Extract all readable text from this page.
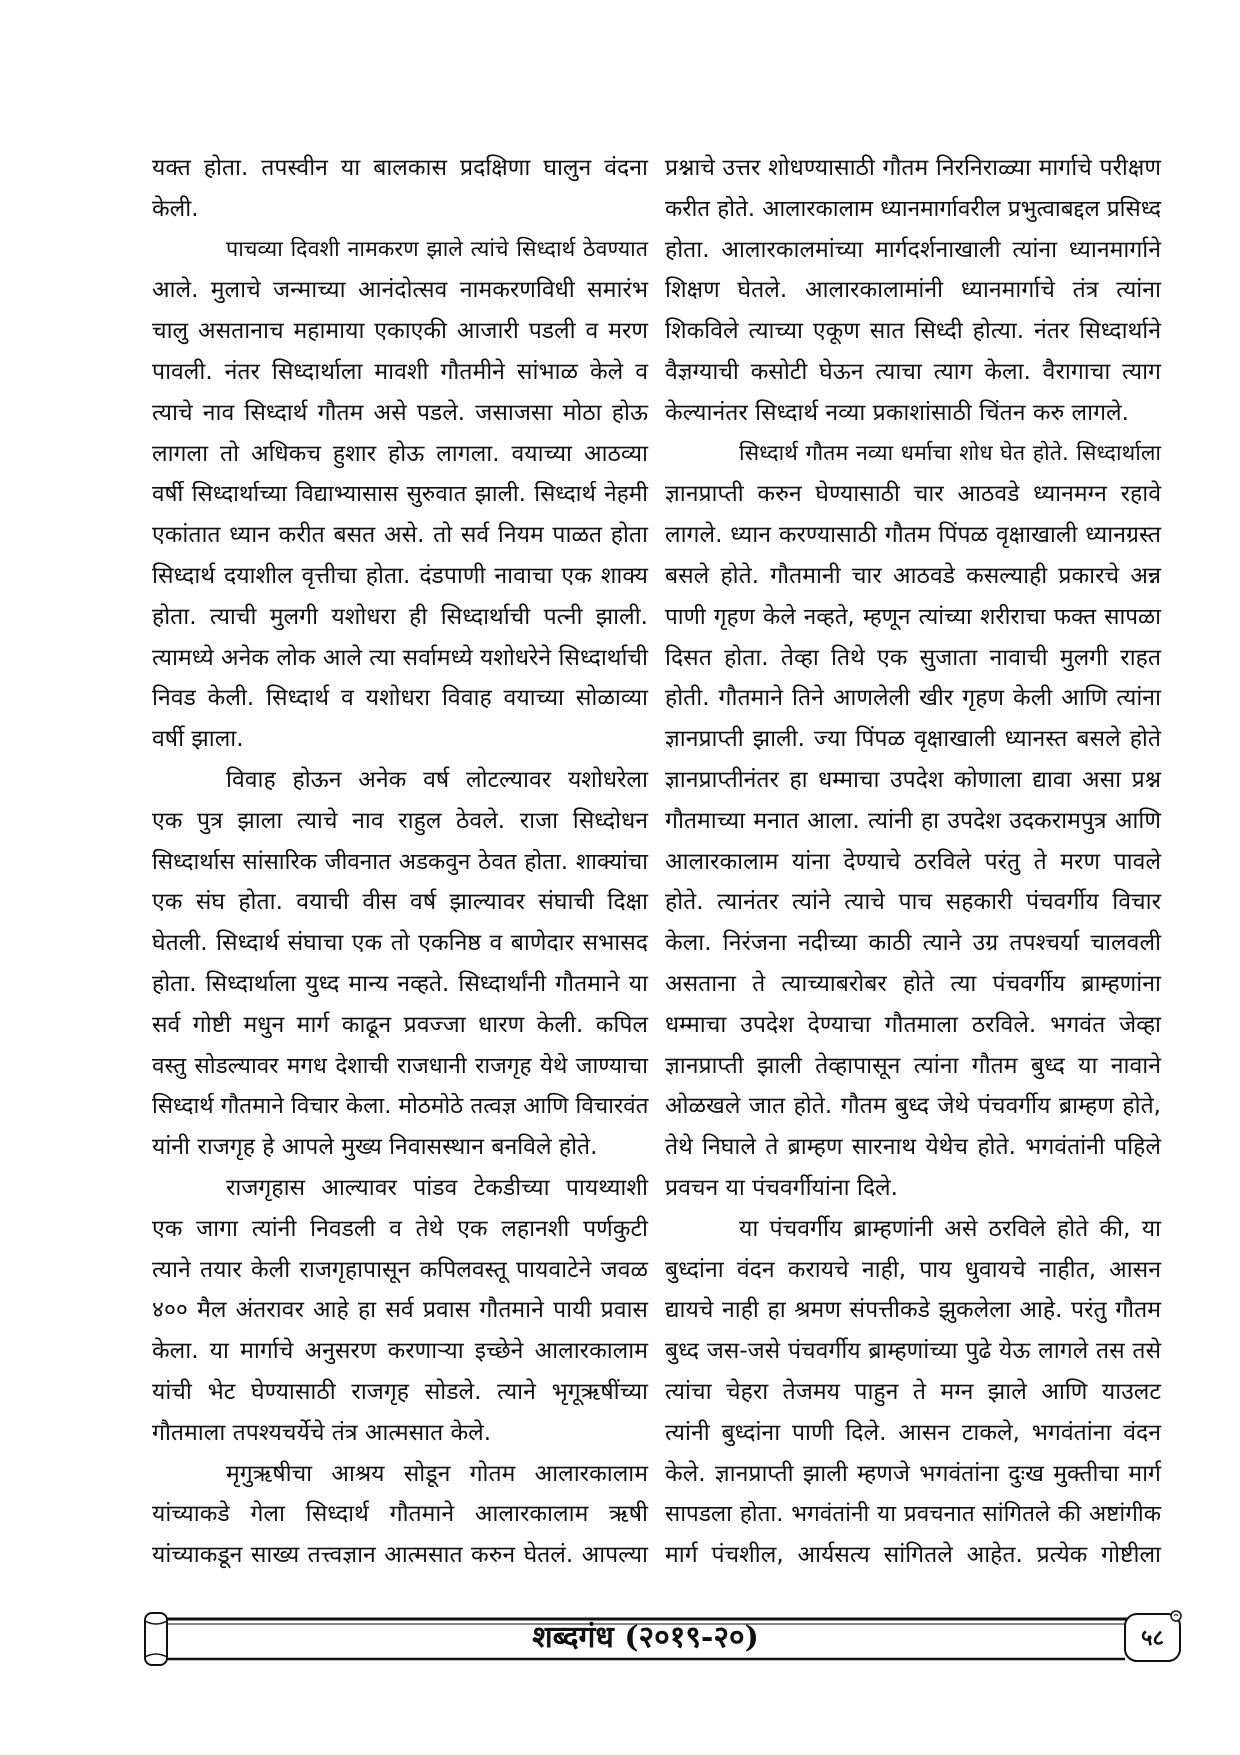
यक्त होता. तपस्वीन या बालकास प्रदक्षिणा घालुन वंदना
केली.
पाचव्या दिवशी नामकरण झाले त्यांचे सिध्दार्थ ठेवण्यात
आले. मुलाचे जन्माच्या आनंदोत्सव नामकरणविधी समारंभ
चालु असतानाच महामाया एकाएकी आजारी पडली व मरण
पावली. नंतर सिध्दार्थाला मावशी गौतमीने सांभाळ केले व
त्याचे नाव सिध्दार्थ गौतम असे पडले. जसाजसा मोठा होऊ
लागला तो अधिकच हुशार होऊ लागला. वयाच्या आठव्या
वर्षी सिध्दार्थाच्या विद्याभ्यासास सुरुवात झाली. सिध्दार्थ नेहमी
एकांतात ध्यान करीत बसत असे. तो सर्व नियम पाळत होता
सिध्दार्थ दयाशील वृत्तीचा होता. दंडपाणी नावाचा एक शाक्य
होता. त्याची मुलगी यशोधरा ही सिध्दार्थाची पत्नी झाली.
त्यामध्ये अनेक लोक आले त्या सर्वामध्ये यशोधरेने सिध्दार्थाची
निवड केली. सिध्दार्थ व यशोधरा विवाह वयाच्या सोळाव्या
वर्षी झाला.
विवाह होऊन अनेक वर्ष लोटल्यावर यशोधरेला
एक पुत्र झाला त्याचे नाव राहुल ठेवले. राजा सिध्दोधन
सिध्दार्थास सांसारिक जीवनात अडकवुन ठेवत होता. शाक्यांचा
एक संघ होता. वयाची वीस वर्ष झाल्यावर संघाची दिक्षा
घेतली. सिध्दार्थ संघाचा एक तो एकनिष्ठ व बाणेदार सभासद
होता. सिध्दार्थाला युध्द मान्य नव्हते. सिध्दार्थांनी गौतमाने या
सर्व गोष्टी मधुन मार्ग काढून प्रवज्जा धारण केली. कपिल
वस्तु सोडल्यावर मगध देशाची राजधानी राजगृह येथे जाण्याचा
सिध्दार्थ गौतमाने विचार केला. मोठमोठे तत्वज्ञ आणि विचारवंत
यांनी राजगृह हे आपले मुख्य निवासस्थान बनविले होते.
राजगृहास आल्यावर पांडव टेकडीच्या पायथ्याशी
एक जागा त्यांनी निवडली व तेथे एक लहानशी पर्णकुटी
त्याने तयार केली राजगृहापासून कपिलवस्तू पायवाटेने जवळ
४०० मैल अंतरावर आहे हा सर्व प्रवास गौतमाने पायी प्रवास
केला. या मार्गाचे अनुसरण करणाऱ्या इच्छेने आलारकालाम
यांची भेट घेण्यासाठी राजगृह सोडले. त्याने भृगूऋषींच्या
गौतमाला तपश्यचर्येचे तंत्र आत्मसात केले.
मृगुऋषीचा आश्रय सोडून गोतम आलारकालाम
यांच्याकडे गेला सिध्दार्थ गौतमाने आलारकालाम ऋषी
यांच्याकडून साख्य तत्त्वज्ञान आत्मसात करुन घेतलं. आपल्या
प्रश्नाचे उत्तर शोधण्यासाठी गौतम निरनिराळ्या मार्गाचे परीक्षण
करीत होते. आलारकालाम ध्यानमार्गावरील प्रभुत्वाबद्दल प्रसिध्द
होता. आलारकालमांच्या मार्गदर्शनाखाली त्यांना ध्यानमार्गाने
शिक्षण घेतले. आलारकालामांनी ध्यानमार्गाचे तंत्र त्यांना
शिकविले त्याच्या एकूण सात सिध्दी होत्या. नंतर सिध्दार्थाने
वैज्ञग्याची कसोटी घेऊन त्याचा त्याग केला. वैरागाचा त्याग
केल्यानंतर सिध्दार्थ नव्या प्रकाशांसाठी चिंतन करु लागले.
सिध्दार्थ गौतम नव्या धर्माचा शोध घेत होते. सिध्दार्थाला
ज्ञानप्राप्ती करुन घेण्यासाठी चार आठवडे ध्यानमग्न रहावे
लागले. ध्यान करण्यासाठी गौतम पिंपळ वृक्षाखाली ध्यानग्रस्त
बसले होते. गौतमानी चार आठवडे कसल्याही प्रकारचे अन्न
पाणी गृहण केले नव्हते, म्हणून त्यांच्या शरीराचा फक्त सापळा
दिसत होता. तेव्हा तिथे एक सुजाता नावाची मुलगी राहत
होती. गौतमाने तिने आणलेली खीर गृहण केली आणि त्यांना
ज्ञानप्राप्ती झाली. ज्या पिंपळ वृक्षाखाली ध्यानस्त बसले होते
ज्ञानप्राप्तीनंतर हा धम्माचा उपदेश कोणाला द्यावा असा प्रश्न
गौतमाच्या मनात आला. त्यांनी हा उपदेश उदकरामपुत्र आणि
आलारकालाम यांना देण्याचे ठरविले परंतु ते मरण पावले
होते. त्यानंतर त्यांने त्याचे पाच सहकारी पंचवर्गीय विचार
केला. निरंजना नदीच्या काठी त्याने उग्र तपश्चर्या चालवली
असताना ते त्याच्याबरोबर होते त्या पंचवर्गीय ब्राम्हणांना
धम्माचा उपदेश देण्याचा गौतमाला ठरविले. भगवंत जेव्हा
ज्ञानप्राप्ती झाली तेव्हापासून त्यांना गौतम बुध्द या नावाने
ओळखले जात होते. गौतम बुध्द जेथे पंचवर्गीय ब्राम्हण होते,
तेथे निघाले ते ब्राम्हण सारनाथ येथेच होते. भगवंतांनी पहिले
प्रवचन या पंचवर्गीयांना दिले.
या पंचवर्गीय ब्राम्हणांनी असे ठरविले होते की, या
बुध्दांना वंदन करायचे नाही, पाय धुवायचे नाहीत, आसन
द्यायचे नाही हा श्रमण संपत्तीकडे झुकलेला आहे. परंतु गौतम
बुध्द जस-जसे पंचवर्गीय ब्राम्हणांच्या पुढे येऊ लागले तस तसे
त्यांचा चेहरा तेजमय पाहुन ते मग्न झाले आणि याउलट
त्यांनी बुध्दांना पाणी दिले. आसन टाकले, भगवंतांना वंदन
केले. ज्ञानप्राप्ती झाली म्हणजे भगवंतांना दुःख मुक्तीचा मार्ग
सापडला होता. भगवंतांनी या प्रवचनात सांगितले की अष्टांगीक
मार्ग पंचशील, आर्यसत्य सांगितले आहेत. प्रत्येक गोष्टीला
शब्दगंध (२०१९-२०)	५८
